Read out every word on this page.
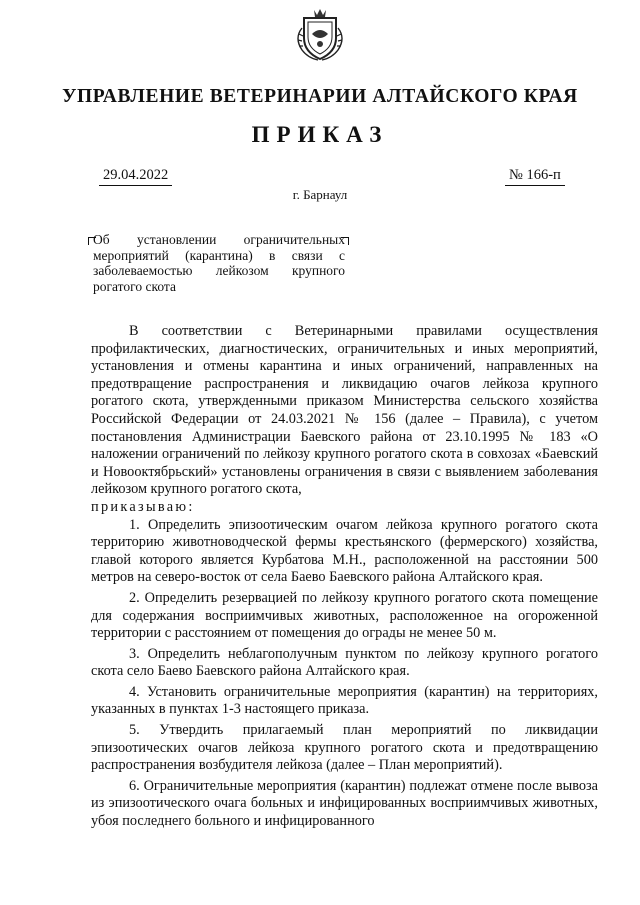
УПРАВЛЕНИЕ ВЕТЕРИНАРИИ АЛТАЙСКОГО КРАЯ
ПРИКАЗ
29.04.2022	№ 166-п
г. Барнаул
Об установлении ограничительных мероприятий (карантина) в связи с заболеваемостью лейкозом крупного рогатого скота

В соответствии с Ветеринарными правилами осуществления профилактических, диагностических, ограничительных и иных мероприятий, установления и отмены карантина и иных ограничений, направленных на предотвращение распространения и ликвидацию очагов лейкоза крупного рогатого скота, утвержденными приказом Министерства сельского хозяйства Российской Федерации от 24.03.2021 № 156 (далее – Правила), с учетом постановления Администрации Баевского района от 23.10.1995 № 183 «О наложении ограничений по лейкозу крупного рогатого скота в совхозах «Баевский и Новооктябрьский» установлены ограничения в связи с выявлением заболевания лейкозом крупного рогатого скота,

приказываю:

1. Определить эпизоотическим очагом лейкоза крупного рогатого скота территорию животноводческой фермы крестьянского (фермерского) хозяйства, главой которого является Курбатова М.Н., расположенной на расстоянии 500 метров на северо-восток от села Баево Баевского района Алтайского края.

2. Определить резервацией по лейкозу крупного рогатого скота помещение для содержания восприимчивых животных, расположенное на огороженной территории с расстоянием от помещения до ограды не менее 50 м.

3. Определить неблагополучным пунктом по лейкозу крупного рогатого скота село Баево Баевского района Алтайского края.

4. Установить ограничительные мероприятия (карантин) на территориях, указанных в пунктах 1-3 настоящего приказа.

5. Утвердить прилагаемый план мероприятий по ликвидации эпизоотических очагов лейкоза крупного рогатого скота и предотвращению распространения возбудителя лейкоза (далее – План мероприятий).

6. Ограничительные мероприятия (карантин) подлежат отмене после вывоза из эпизоотического очага больных и инфицированных восприимчивых животных, убоя последнего больного и инфицированного
